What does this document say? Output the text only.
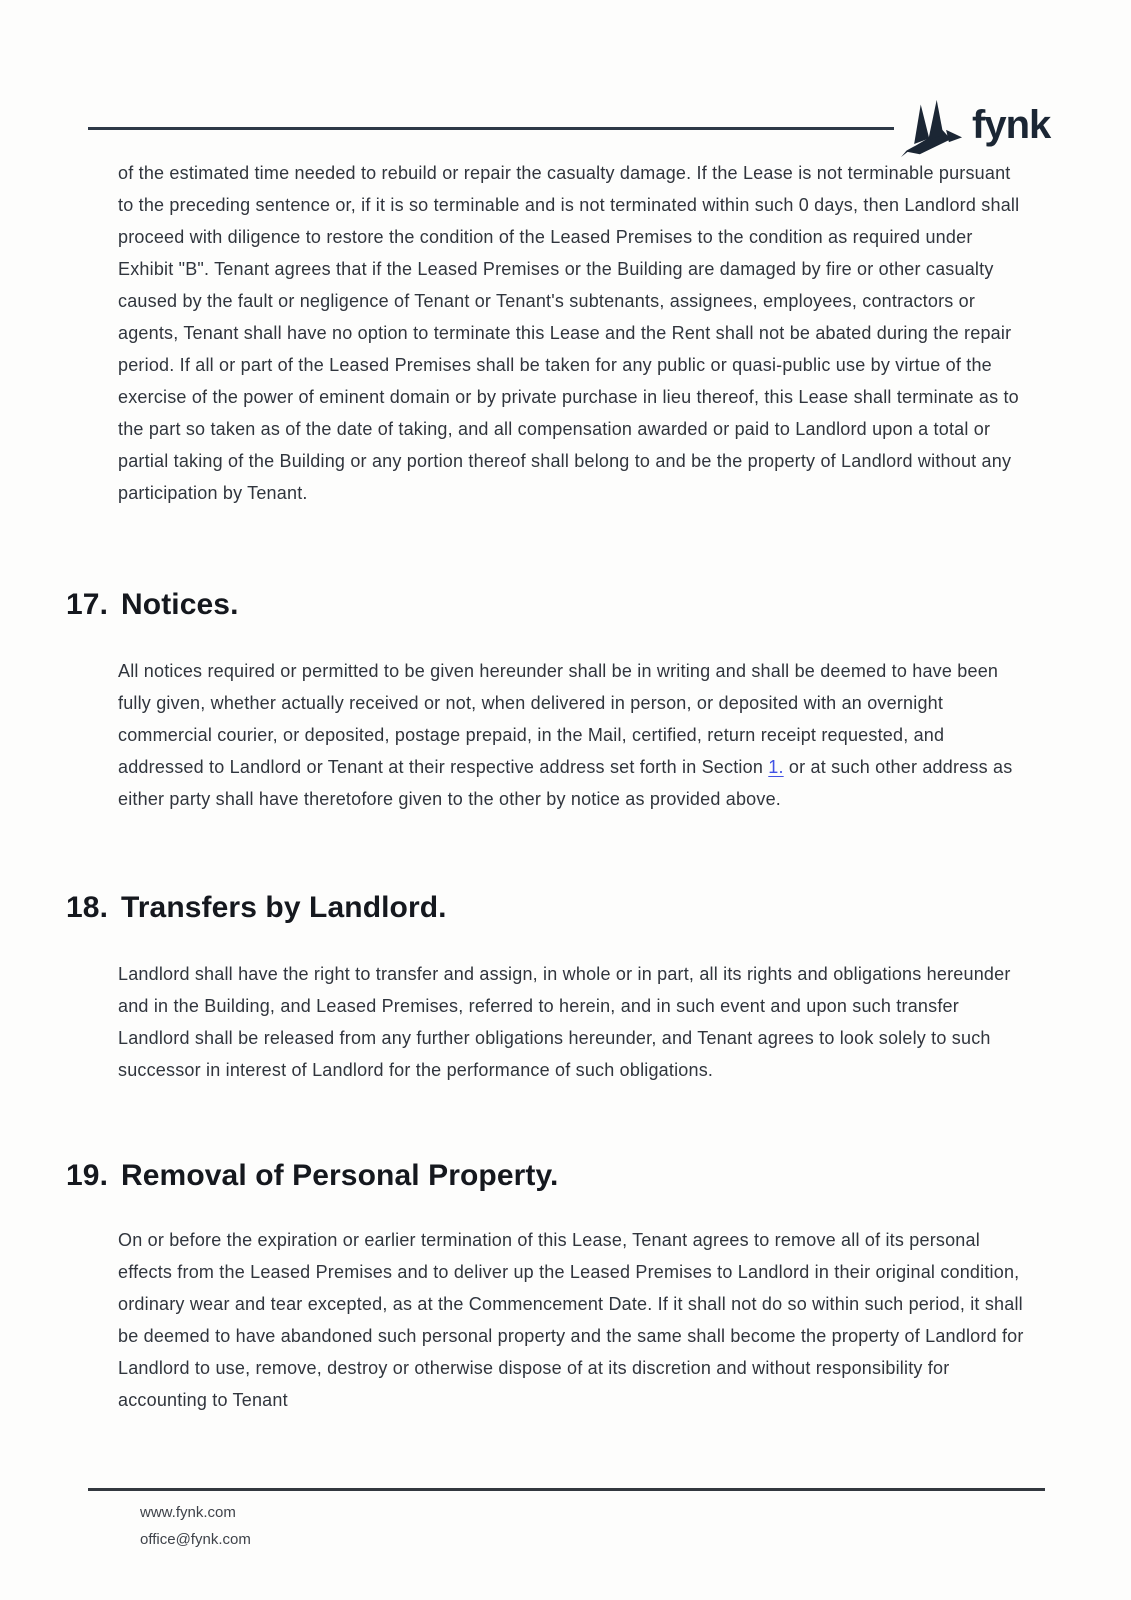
fynk

of the estimated time needed to rebuild or repair the casualty damage. If the Lease is not terminable pursuant to the preceding sentence or, if it is so terminable and is not terminated within such 0 days, then Landlord shall proceed with diligence to restore the condition of the Leased Premises to the condition as required under Exhibit "B". Tenant agrees that if the Leased Premises or the Building are damaged by fire or other casualty caused by the fault or negligence of Tenant or Tenant's subtenants, assignees, employees, contractors or agents, Tenant shall have no option to terminate this Lease and the Rent shall not be abated during the repair period. If all or part of the Leased Premises shall be taken for any public or quasi-public use by virtue of the exercise of the power of eminent domain or by private purchase in lieu thereof, this Lease shall terminate as to the part so taken as of the date of taking, and all compensation awarded or paid to Landlord upon a total or partial taking of the Building or any portion thereof shall belong to and be the property of Landlord without any participation by Tenant.

17. Notices.

All notices required or permitted to be given hereunder shall be in writing and shall be deemed to have been fully given, whether actually received or not, when delivered in person, or deposited with an overnight commercial courier, or deposited, postage prepaid, in the Mail, certified, return receipt requested, and addressed to Landlord or Tenant at their respective address set forth in Section 1. or at such other address as either party shall have theretofore given to the other by notice as provided above.

18. Transfers by Landlord.

Landlord shall have the right to transfer and assign, in whole or in part, all its rights and obligations hereunder and in the Building, and Leased Premises, referred to herein, and in such event and upon such transfer Landlord shall be released from any further obligations hereunder, and Tenant agrees to look solely to such successor in interest of Landlord for the performance of such obligations.

19. Removal of Personal Property.

On or before the expiration or earlier termination of this Lease, Tenant agrees to remove all of its personal effects from the Leased Premises and to deliver up the Leased Premises to Landlord in their original condition, ordinary wear and tear excepted, as at the Commencement Date. If it shall not do so within such period, it shall be deemed to have abandoned such personal property and the same shall become the property of Landlord for Landlord to use, remove, destroy or otherwise dispose of at its discretion and without responsibility for accounting to Tenant

www.fynk.com
office@fynk.com
